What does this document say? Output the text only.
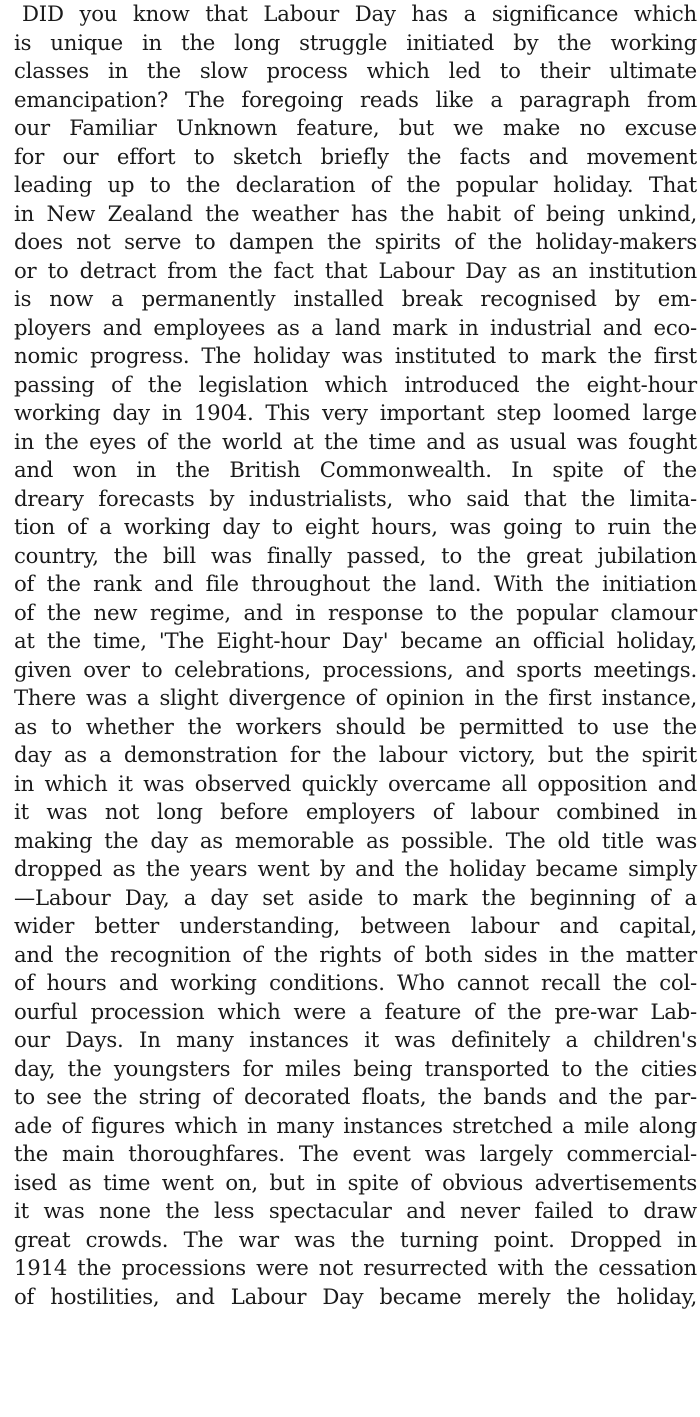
DID you know that Labour Day has a significance which
is unique in the long struggle initiated by the working
classes in the slow process which led to their ultimate
emancipation? The foregoing reads like a paragraph from
our Familiar Unknown feature, but we make no excuse
for our effort to sketch briefly the facts and movement
leading up to the declaration of the popular holiday. That
in New Zealand the weather has the habit of being unkind,
does not serve to dampen the spirits of the holiday-makers
or to detract from the fact that Labour Day as an institution
is now a permanently installed break recognised by em-
ployers and employees as a land mark in industrial and eco-
nomic progress. The holiday was instituted to mark the first
passing of the legislation which introduced the eight-hour
working day in 1904. This very important step loomed large
in the eyes of the world at the time and as usual was fought
and won in the British Commonwealth. In spite of the
dreary forecasts by industrialists, who said that the limita-
tion of a working day to eight hours, was going to ruin the
country, the bill was finally passed, to the great jubilation
of the rank and file throughout the land. With the initiation
of the new regime, and in response to the popular clamour
at the time, 'The Eight-hour Day' became an official holiday,
given over to celebrations, processions, and sports meetings.
There was a slight divergence of opinion in the first instance,
as to whether the workers should be permitted to use the
day as a demonstration for the labour victory, but the spirit
in which it was observed quickly overcame all opposition and
it was not long before employers of labour combined in
making the day as memorable as possible. The old title was
dropped as the years went by and the holiday became simply
—Labour Day, a day set aside to mark the beginning of a
wider better understanding, between labour and capital,
and the recognition of the rights of both sides in the matter
of hours and working conditions. Who cannot recall the col-
ourful procession which were a feature of the pre-war Lab-
our Days. In many instances it was definitely a children's
day, the youngsters for miles being transported to the cities
to see the string of decorated floats, the bands and the par-
ade of figures which in many instances stretched a mile along
the main thoroughfares. The event was largely commercial-
ised as time went on, but in spite of obvious advertisements
it was none the less spectacular and never failed to draw
great crowds. The war was the turning point. Dropped in
1914 the processions were not resurrected with the cessation
of hostilities, and Labour Day became merely the holiday,
